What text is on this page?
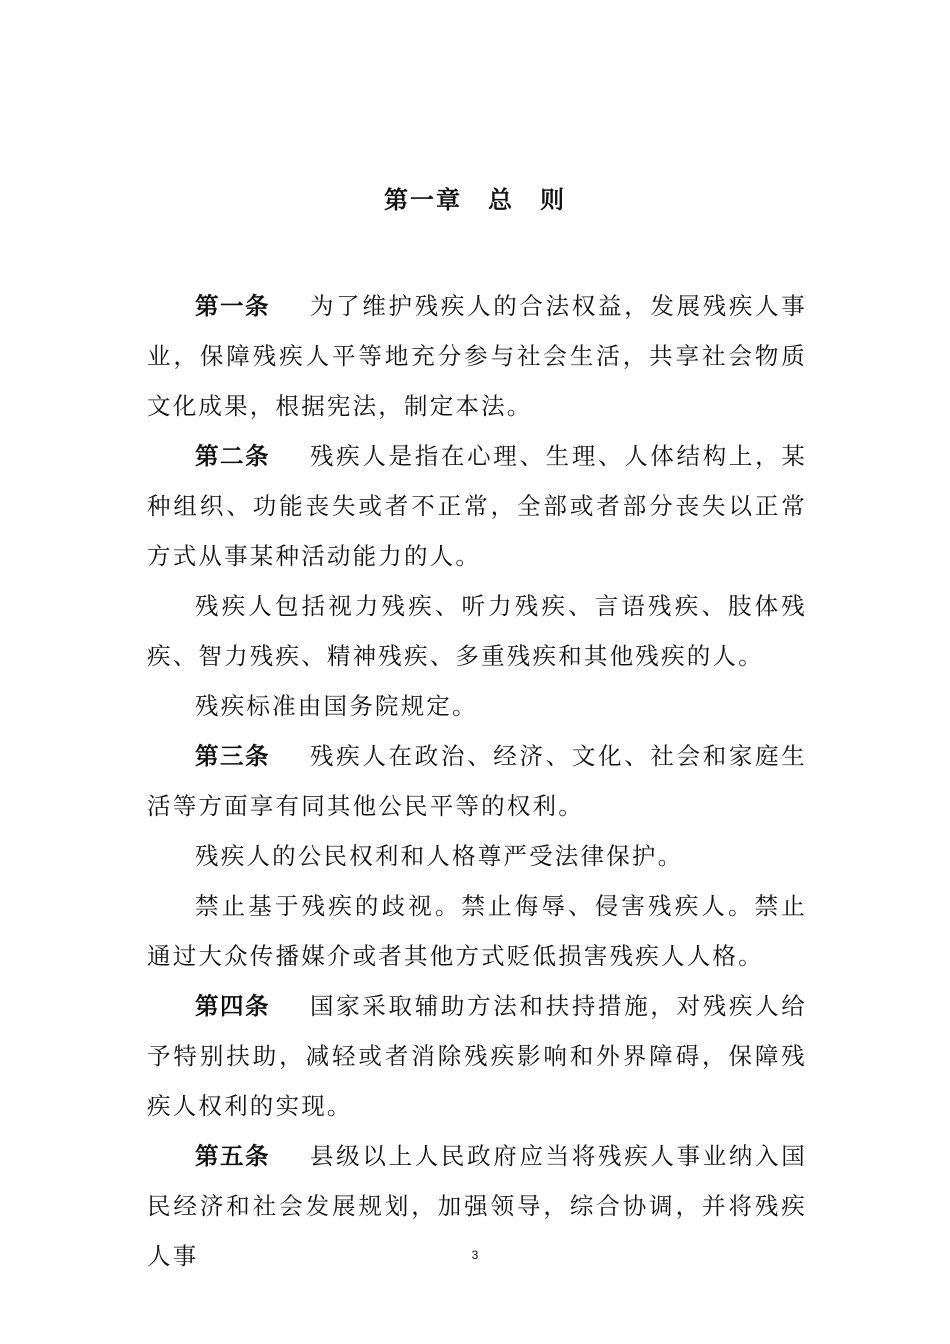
第一章 总　则

第一条 为了维护残疾人的合法权益，发展残疾人事业，保障残疾人平等地充分参与社会生活，共享社会物质文化成果，根据宪法，制定本法。

第二条 残疾人是指在心理、生理、人体结构上，某种组织、功能丧失或者不正常，全部或者部分丧失以正常方式从事某种活动能力的人。

残疾人包括视力残疾、听力残疾、言语残疾、肢体残疾、智力残疾、精神残疾、多重残疾和其他残疾的人。

残疾标准由国务院规定。

第三条 残疾人在政治、经济、文化、社会和家庭生活等方面享有同其他公民平等的权利。

残疾人的公民权利和人格尊严受法律保护。

禁止基于残疾的歧视。禁止侮辱、侵害残疾人。禁止通过大众传播媒介或者其他方式贬低损害残疾人人格。

第四条 国家采取辅助方法和扶持措施，对残疾人给予特别扶助，减轻或者消除残疾影响和外界障碍，保障残疾人权利的实现。

第五条 县级以上人民政府应当将残疾人事业纳入国民经济和社会发展规划，加强领导，综合协调，并将残疾人事	3
